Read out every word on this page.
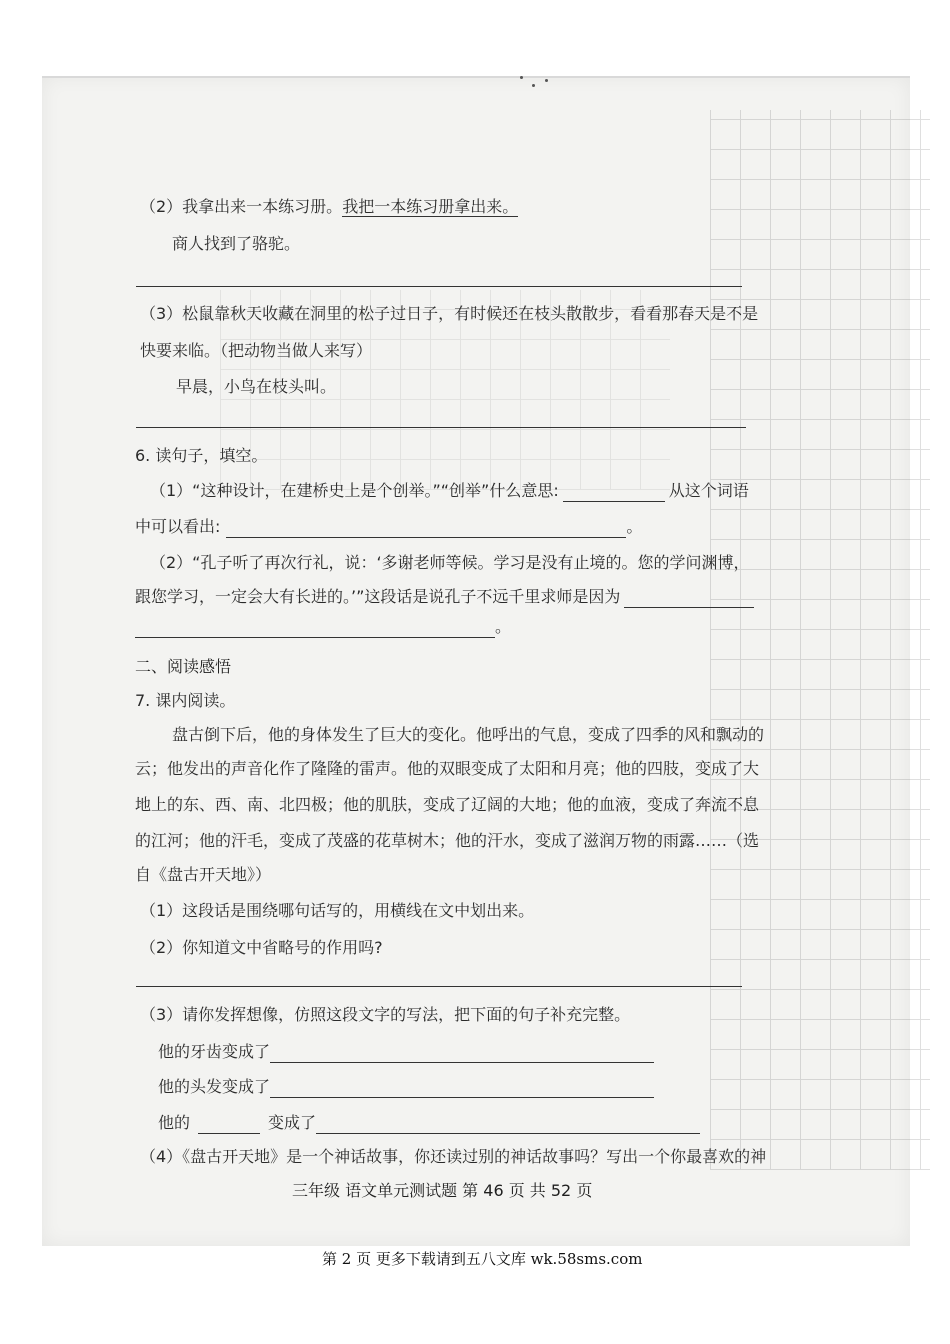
（2）我拿出来一本练习册。我把一本练习册拿出来。
商人找到了骆驼。
（3）松鼠靠秋天收藏在洞里的松子过日子，有时候还在枝头散散步，看看那春天是不是
快要来临。（把动物当做人来写）
早晨，小鸟在枝头叫。
6. 读句子，填空。
（1）“这种设计，在建桥史上是个创举。”“创举”什么意思:	从这个词语
中可以看出:	。
（2）“孔子听了再次行礼，说：‘多谢老师等候。学习是没有止境的。您的学问渊博，
跟您学习，一定会大有长进的。’”这段话是说孔子不远千里求师是因为
。
二、阅读感悟
7. 课内阅读。
盘古倒下后，他的身体发生了巨大的变化。他呼出的气息，变成了四季的风和飘动的
云；他发出的声音化作了隆隆的雷声。他的双眼变成了太阳和月亮；他的四肢，变成了大
地上的东、西、南、北四极；他的肌肤，变成了辽阔的大地；他的血液，变成了奔流不息
的江河；他的汗毛，变成了茂盛的花草树木；他的汗水，变成了滋润万物的雨露……（选
自《盘古开天地》）
（1）这段话是围绕哪句话写的，用横线在文中划出来。
（2）你知道文中省略号的作用吗?
（3）请你发挥想像，仿照这段文字的写法，把下面的句子补充完整。
他的牙齿变成了
他的头发变成了
他的	变成了
（4）《盘古开天地》是一个神话故事，你还读过别的神话故事吗？写出一个你最喜欢的神
三年级 语文单元测试题 第 46 页 共 52 页
第 2 页 更多下载请到五八文库 wk.58sms.com
